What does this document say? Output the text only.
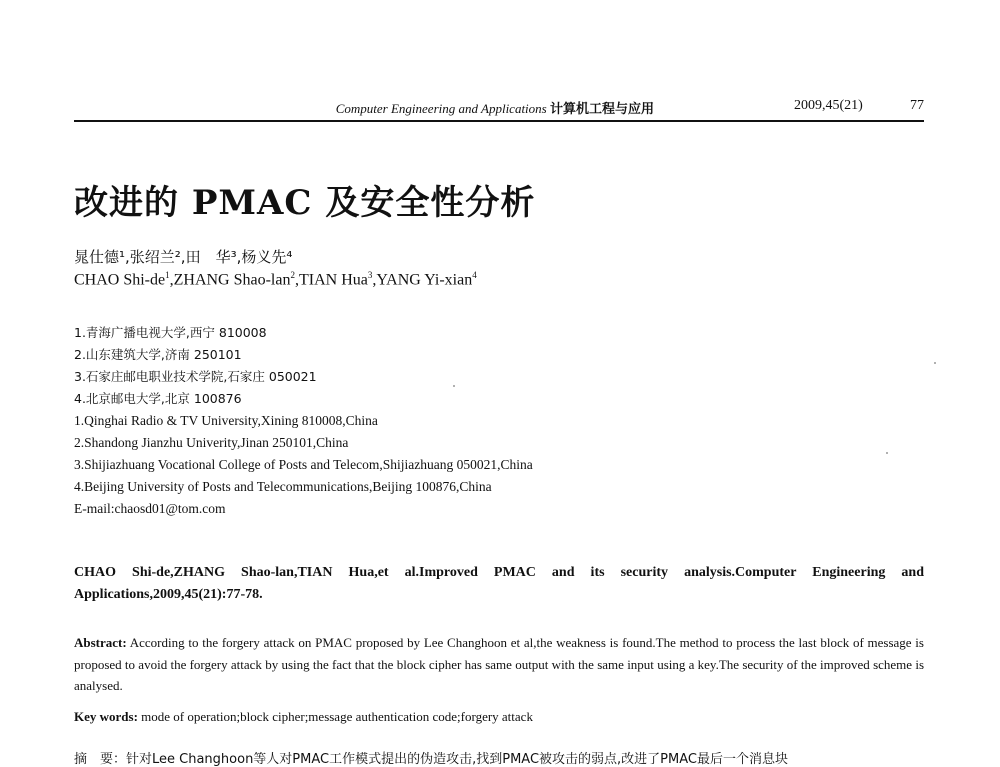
Computer Engineering and Applications 计算机工程与应用	2009,45(21)	77
改进的 PMAC 及安全性分析
晁仕德¹,张绍兰²,田　华³,杨义先⁴
CHAO Shi-$de^1,ZHANG$ Shao-lan$^2$,TIAN Hua$^3$,YANG Yi-xian$^4$
1.青海广播电视大学,西宁 810008
2.山东建筑大学,济南 250101
3.石家庄邮电职业技术学院,石家庄 050021
4.北京邮电大学,北京 100876
1.Qinghai Radio & TV University,Xining 810008,China
2.Shandong Jianzhu Univerity,Jinan 250101,China
3.Shijiazhuang Vocational College of Posts and Telecom,Shijiazhuang 050021,China
4.Beijing University of Posts and Telecommunications,Beijing 100876,China
E-mail:chaosd01@tom.com
CHAO Shi-de,ZHANG Shao-lan,TIAN Hua,et al.Improved PMAC and its security analysis.Computer Engineering and Applications,2009,45(21):77-78.
Abstract: According to the forgery attack on PMAC proposed by Lee Changhoon et al,the weakness is found.The method to process the last block of message is proposed to avoid the forgery attack by using the fact that the block cipher has same output with the same input using a key.The security of the improved scheme is analysed.
Key words: mode of operation;block cipher;message authentication code;forgery attack
摘　要：针对Lee Changhoon等人对PMAC工作模式提出的伪造攻击,找到PMAC被攻击的弱点,改进了PMAC最后一个消息块
